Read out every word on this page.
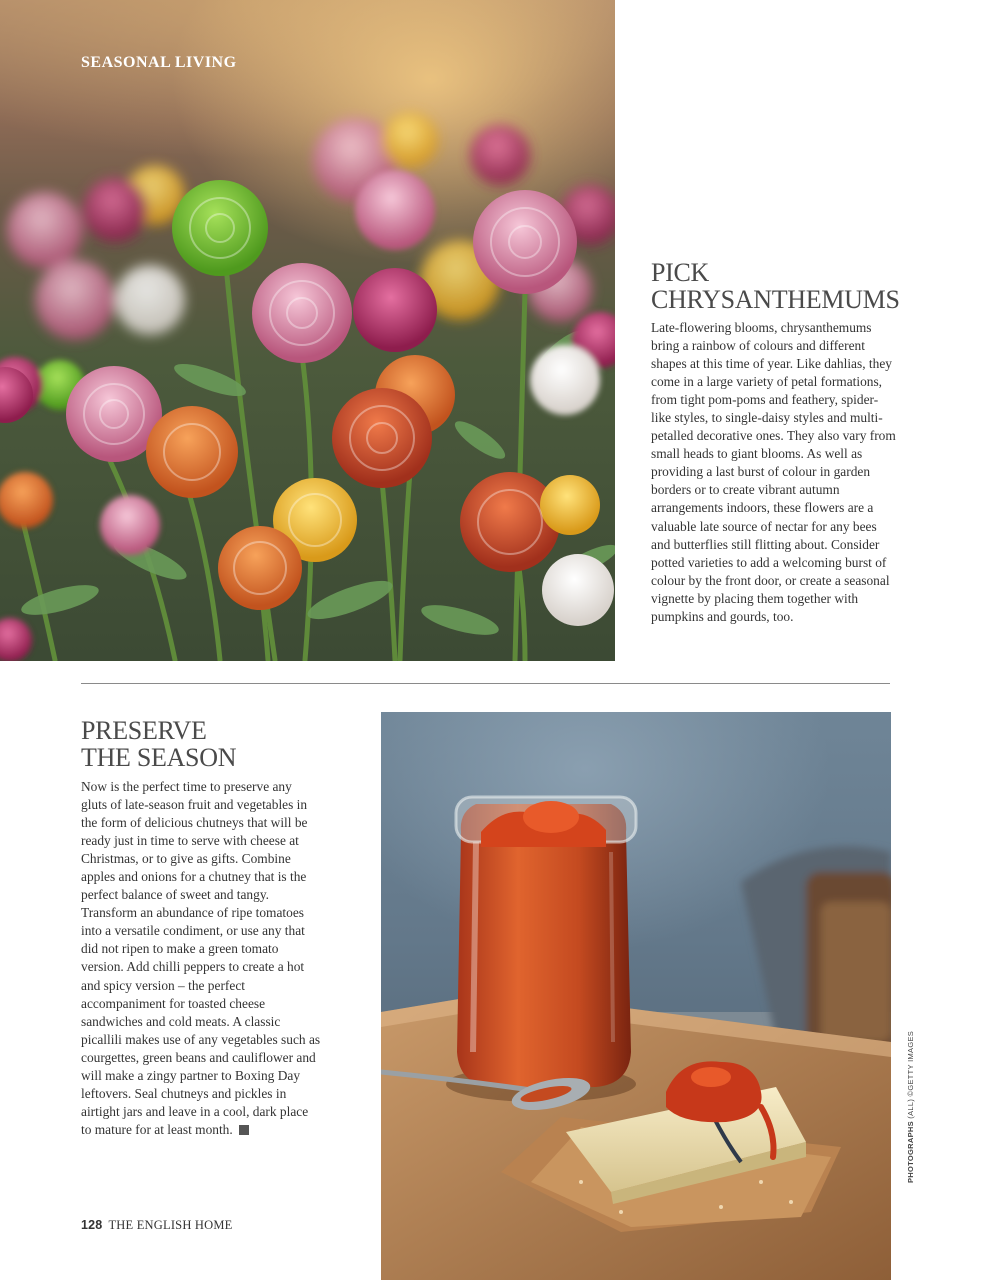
SEASONAL LIVING

PICK
CHRYSANTHEMUMS

Late-flowering blooms, chrysanthemums bring a rainbow of colours and different shapes at this time of year. Like dahlias, they come in a large variety of petal formations, from tight pom-poms and feathery, spider-like styles, to single-daisy styles and multi-petalled decorative ones. They also vary from small heads to giant blooms. As well as providing a last burst of colour in garden borders or to create vibrant autumn arrangements indoors, these flowers are a valuable late source of nectar for any bees and butterflies still flitting about. Consider potted varieties to add a welcoming burst of colour by the front door, or create a seasonal vignette by placing them together with pumpkins and gourds, too.

PRESERVE
THE SEASON

Now is the perfect time to preserve any gluts of late-season fruit and vegetables in the form of delicious chutneys that will be ready just in time to serve with cheese at Christmas, or to give as gifts. Combine apples and onions for a chutney that is the perfect balance of sweet and tangy. Transform an abundance of ripe tomatoes into a versatile condiment, or use any that did not ripen to make a green tomato version. Add chilli peppers to create a hot and spicy version – the perfect accompaniment for toasted cheese sandwiches and cold meats. A classic picallili makes use of any vegetables such as courgettes, green beans and cauliflower and will make a zingy partner to Boxing Day leftovers. Seal chutneys and pickles in airtight jars and leave in a cool, dark place to mature for at least month.

128 THE ENGLISH HOME

PHOTOGRAPHS (ALL) ©GETTY IMAGES
